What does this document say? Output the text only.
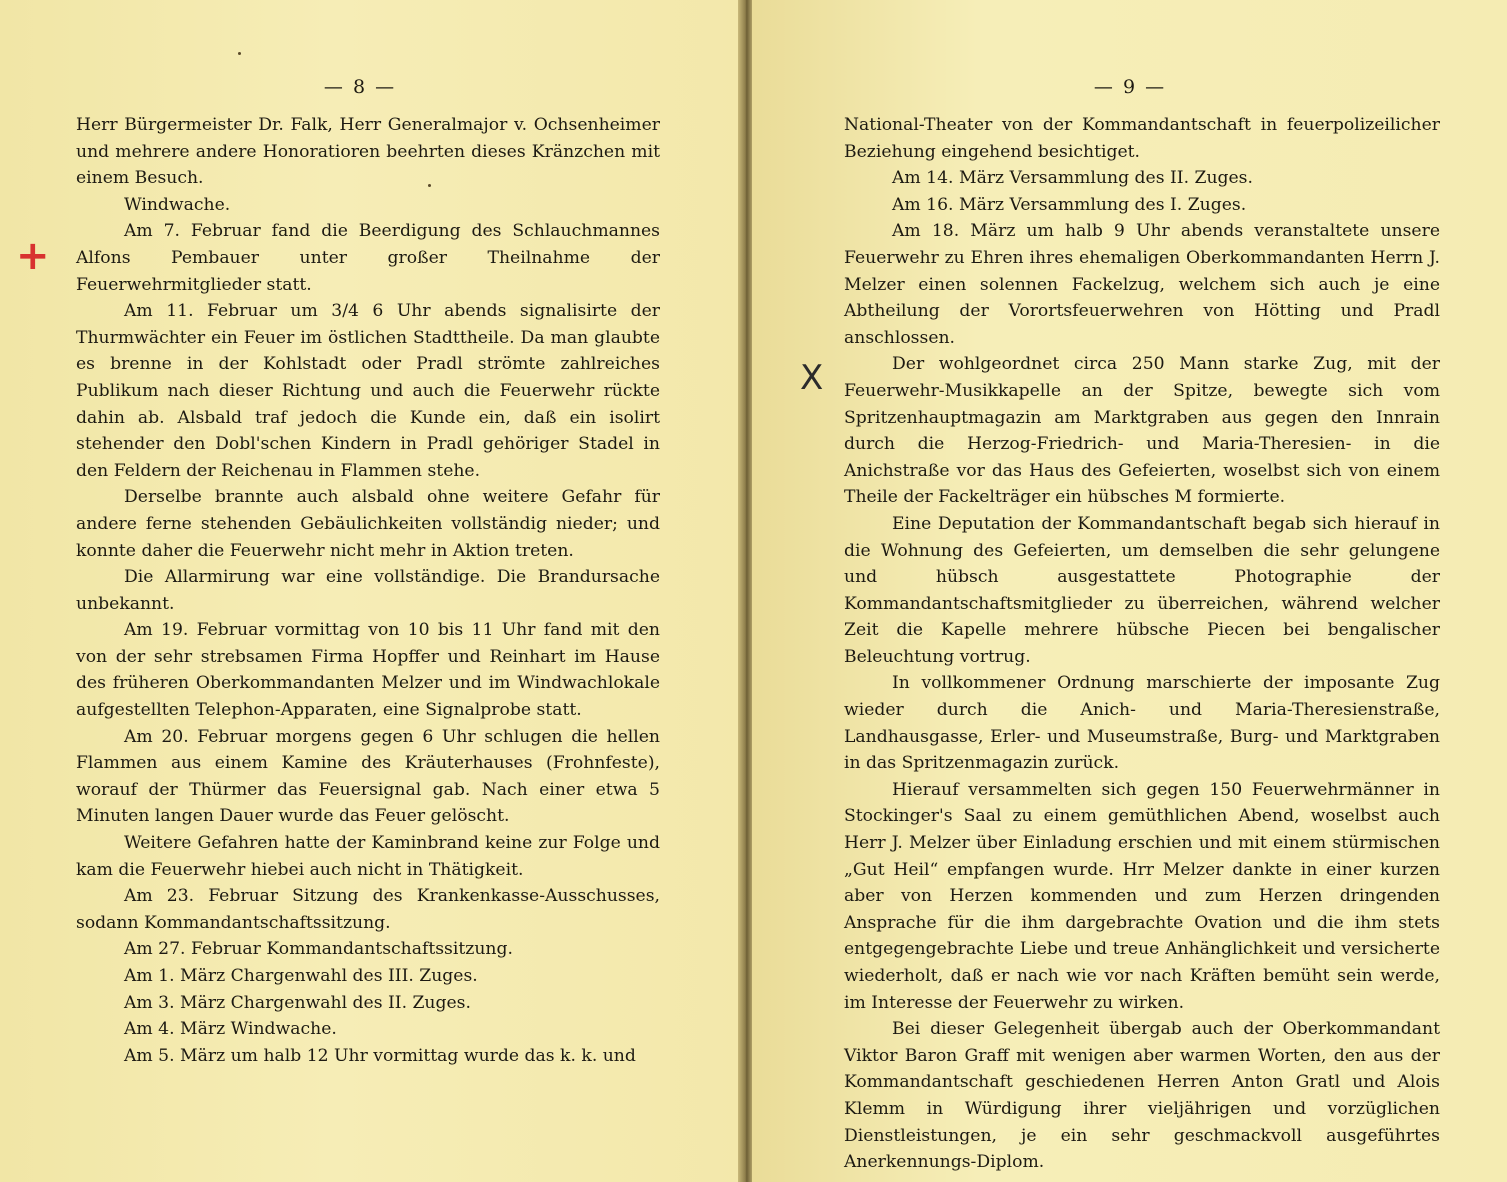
— 8 —

Herr Bürgermeister Dr. Falk, Herr Generalmajor v. Ochsenheimer und mehrere andere Honoratioren beehrten dieses Kränzchen mit einem Besuch.

Windwache.

Am 7. Februar fand die Beerdigung des Schlauchmannes Alfons Pembauer unter großer Theilnahme der Feuerwehrmitglieder statt.

Am 11. Februar um 3/4 6 Uhr abends signalisirte der Thurmwächter ein Feuer im östlichen Stadttheile. Da man glaubte es brenne in der Kohlstadt oder Pradl strömte zahlreiches Publikum nach dieser Richtung und auch die Feuerwehr rückte dahin ab. Alsbald traf jedoch die Kunde ein, daß ein isolirt stehender den Dobl'schen Kindern in Pradl gehöriger Stadel in den Feldern der Reichenau in Flammen stehe.

Derselbe brannte auch alsbald ohne weitere Gefahr für andere ferne stehenden Gebäulichkeiten vollständig nieder; und konnte daher die Feuerwehr nicht mehr in Aktion treten.

Die Allarmirung war eine vollständige. Die Brandursache unbekannt.

Am 19. Februar vormittag von 10 bis 11 Uhr fand mit den von der sehr strebsamen Firma Hopffer und Reinhart im Hause des früheren Oberkommandanten Melzer und im Windwachlokale aufgestellten Telephon-Apparaten, eine Signalprobe statt.

Am 20. Februar morgens gegen 6 Uhr schlugen die hellen Flammen aus einem Kamine des Kräuterhauses (Frohnfeste), worauf der Thürmer das Feuersignal gab. Nach einer etwa 5 Minuten langen Dauer wurde das Feuer gelöscht.

Weitere Gefahren hatte der Kaminbrand keine zur Folge und kam die Feuerwehr hiebei auch nicht in Thätigkeit.

Am 23. Februar Sitzung des Krankenkasse-Ausschusses, sodann Kommandantschaftssitzung.

Am 27. Februar Kommandantschaftssitzung.

Am 1. März Chargenwahl des III. Zuges.

Am 3. März Chargenwahl des II. Zuges.

Am 4. März Windwache.

Am 5. März um halb 12 Uhr vormittag wurde das k. k. und

— 9 —

National-Theater von der Kommandantschaft in feuerpolizeilicher Beziehung eingehend besichtiget.

Am 14. März Versammlung des II. Zuges.

Am 16. März Versammlung des I. Zuges.

Am 18. März um halb 9 Uhr abends veranstaltete unsere Feuerwehr zu Ehren ihres ehemaligen Oberkommandanten Herrn J. Melzer einen solennen Fackelzug, welchem sich auch je eine Abtheilung der Vorortsfeuerwehren von Hötting und Pradl anschlossen.

Der wohlgeordnet circa 250 Mann starke Zug, mit der Feuerwehr-Musikkapelle an der Spitze, bewegte sich vom Spritzenhauptmagazin am Marktgraben aus gegen den Innrain durch die Herzog-Friedrich- und Maria-Theresien- in die Anichstraße vor das Haus des Gefeierten, woselbst sich von einem Theile der Fackelträger ein hübsches M formierte.

Eine Deputation der Kommandantschaft begab sich hierauf in die Wohnung des Gefeierten, um demselben die sehr gelungene und hübsch ausgestattete Photographie der Kommandantschaftsmitglieder zu überreichen, während welcher Zeit die Kapelle mehrere hübsche Piecen bei bengalischer Beleuchtung vortrug.

In vollkommener Ordnung marschierte der imposante Zug wieder durch die Anich- und Maria-Theresienstraße, Landhausgasse, Erler- und Museumstraße, Burg- und Marktgraben in das Spritzenmagazin zurück.

Hierauf versammelten sich gegen 150 Feuerwehrmänner in Stockinger's Saal zu einem gemüthlichen Abend, woselbst auch Herr J. Melzer über Einladung erschien und mit einem stürmischen „Gut Heil“ empfangen wurde. Hrr Melzer dankte in einer kurzen aber von Herzen kommenden und zum Herzen dringenden Ansprache für die ihm dargebrachte Ovation und die ihm stets entgegengebrachte Liebe und treue Anhänglichkeit und versicherte wiederholt, daß er nach wie vor nach Kräften bemüht sein werde, im Interesse der Feuerwehr zu wirken.

Bei dieser Gelegenheit übergab auch der Oberkommandant Viktor Baron Graff mit wenigen aber warmen Worten, den aus der Kommandantschaft geschiedenen Herren Anton Gratl und Alois Klemm in Würdigung ihrer vieljährigen und vorzüglichen Dienstleistungen, je ein sehr geschmackvoll ausgeführtes Anerkennungs-Diplom.

+
X
